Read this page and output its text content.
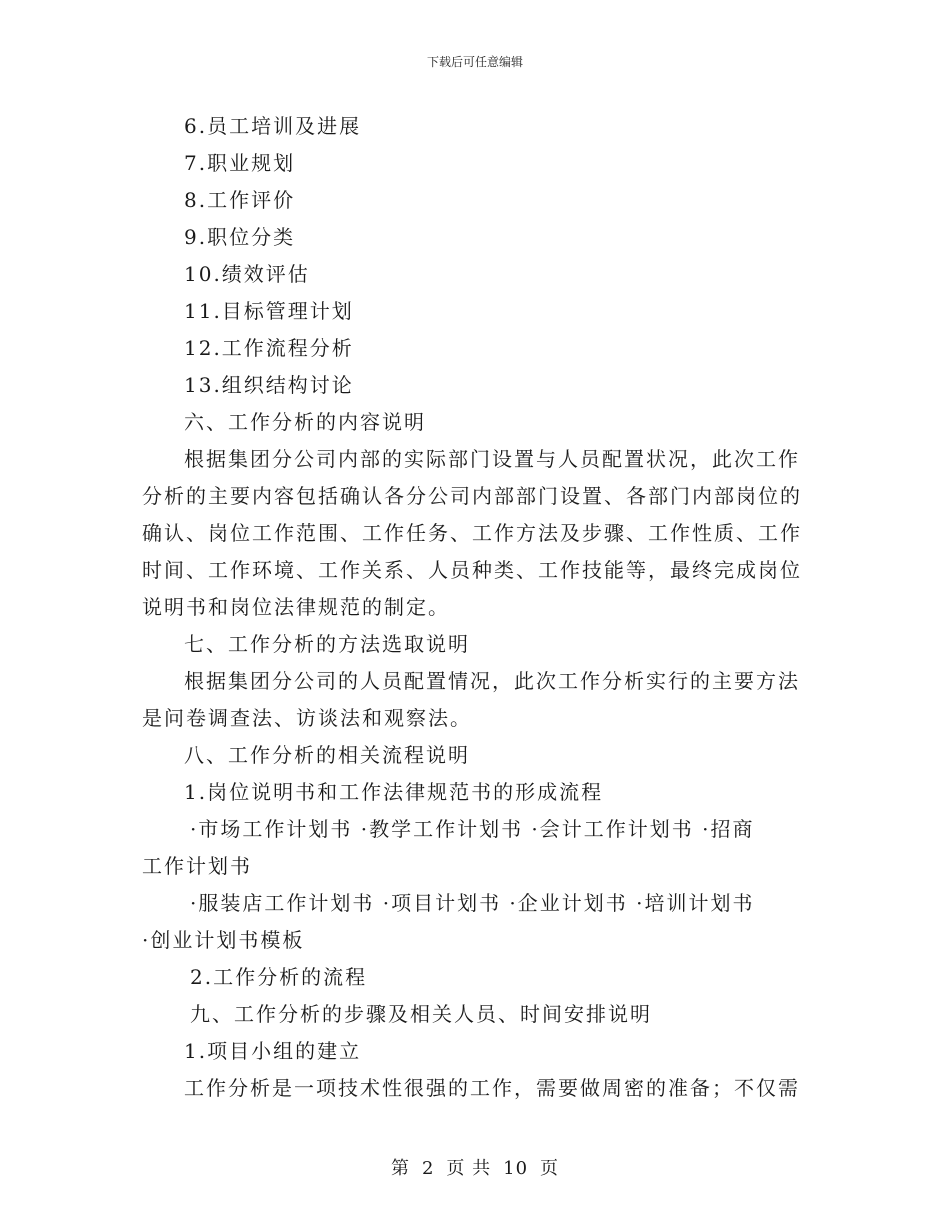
下载后可任意编辑
6.员工培训及进展
7.职业规划
8.工作评价
9.职位分类
10.绩效评估
11.目标管理计划
12.工作流程分析
13.组织结构讨论
六、工作分析的内容说明
根据集团分公司内部的实际部门设置与人员配置状况，此次工作
分析的主要内容包括确认各分公司内部部门设置、各部门内部岗位的
确认、岗位工作范围、工作任务、工作方法及步骤、工作性质、工作
时间、工作环境、工作关系、人员种类、工作技能等，最终完成岗位
说明书和岗位法律规范的制定。
七、工作分析的方法选取说明
根据集团分公司的人员配置情况，此次工作分析实行的主要方法
是问卷调查法、访谈法和观察法。
八、工作分析的相关流程说明
1.岗位说明书和工作法律规范书的形成流程
·市场工作计划书 ·教学工作计划书 ·会计工作计划书 ·招商
工作计划书
·服装店工作计划书 ·项目计划书 ·企业计划书 ·培训计划书
·创业计划书模板
2.工作分析的流程
九、工作分析的步骤及相关人员、时间安排说明
1.项目小组的建立
工作分析是一项技术性很强的工作，需要做周密的准备；不仅需
第 2 页 共 10 页
